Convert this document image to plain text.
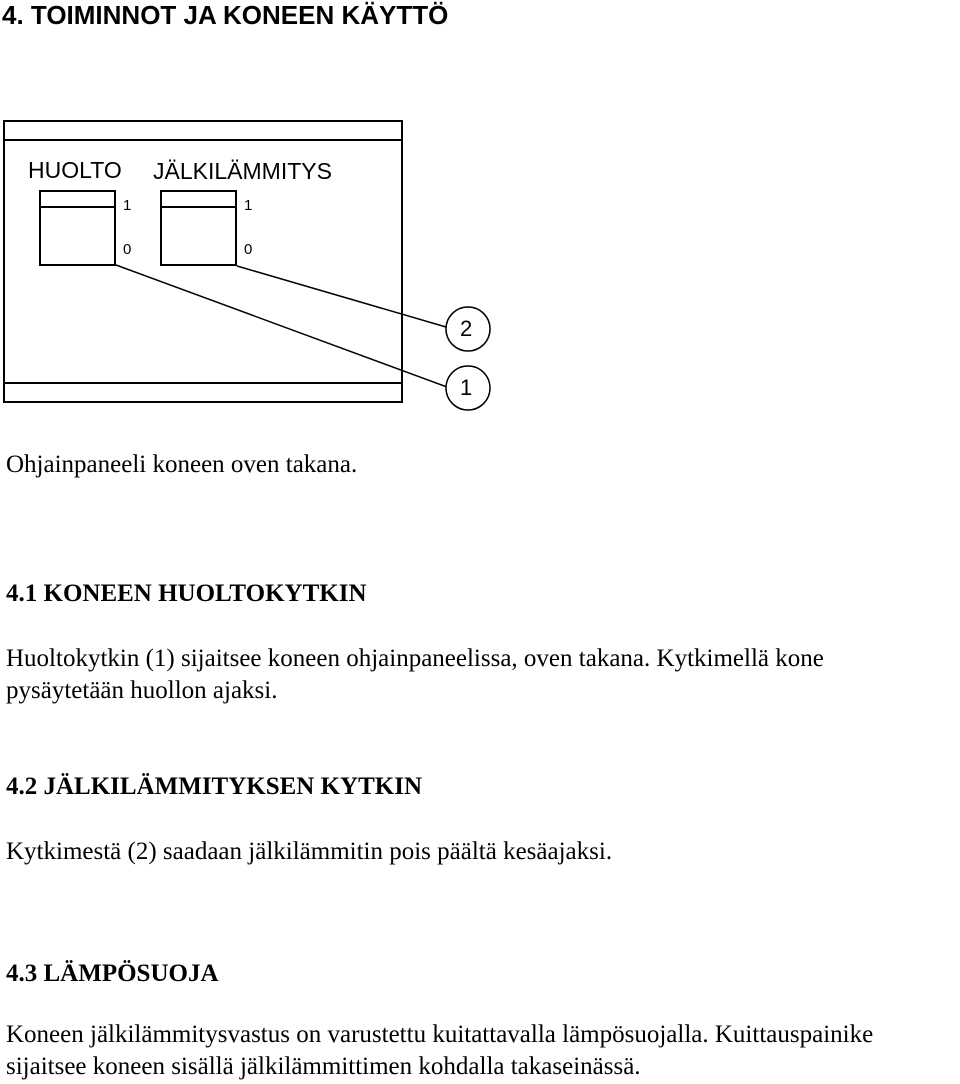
4. TOIMINNOT JA KONEEN KÄYTTÖ
HUOLTO JÄLKILÄMMITYS
1
0
1
0
2
1
Ohjainpaneeli koneen oven takana.
4.1 KONEEN HUOLTOKYTKIN
Huoltokytkin (1) sijaitsee koneen ohjainpaneelissa, oven takana. Kytkimellä kone
pysäytetään huollon ajaksi.
4.2 JÄLKILÄMMITYKSEN KYTKIN
Kytkimestä (2) saadaan jälkilämmitin pois päältä kesäajaksi.
4.3 LÄMPÖSUOJA
Koneen jälkilämmitysvastus on varustettu kuitattavalla lämpösuojalla. Kuittauspainike
sijaitsee koneen sisällä jälkilämmittimen kohdalla takaseinässä.
